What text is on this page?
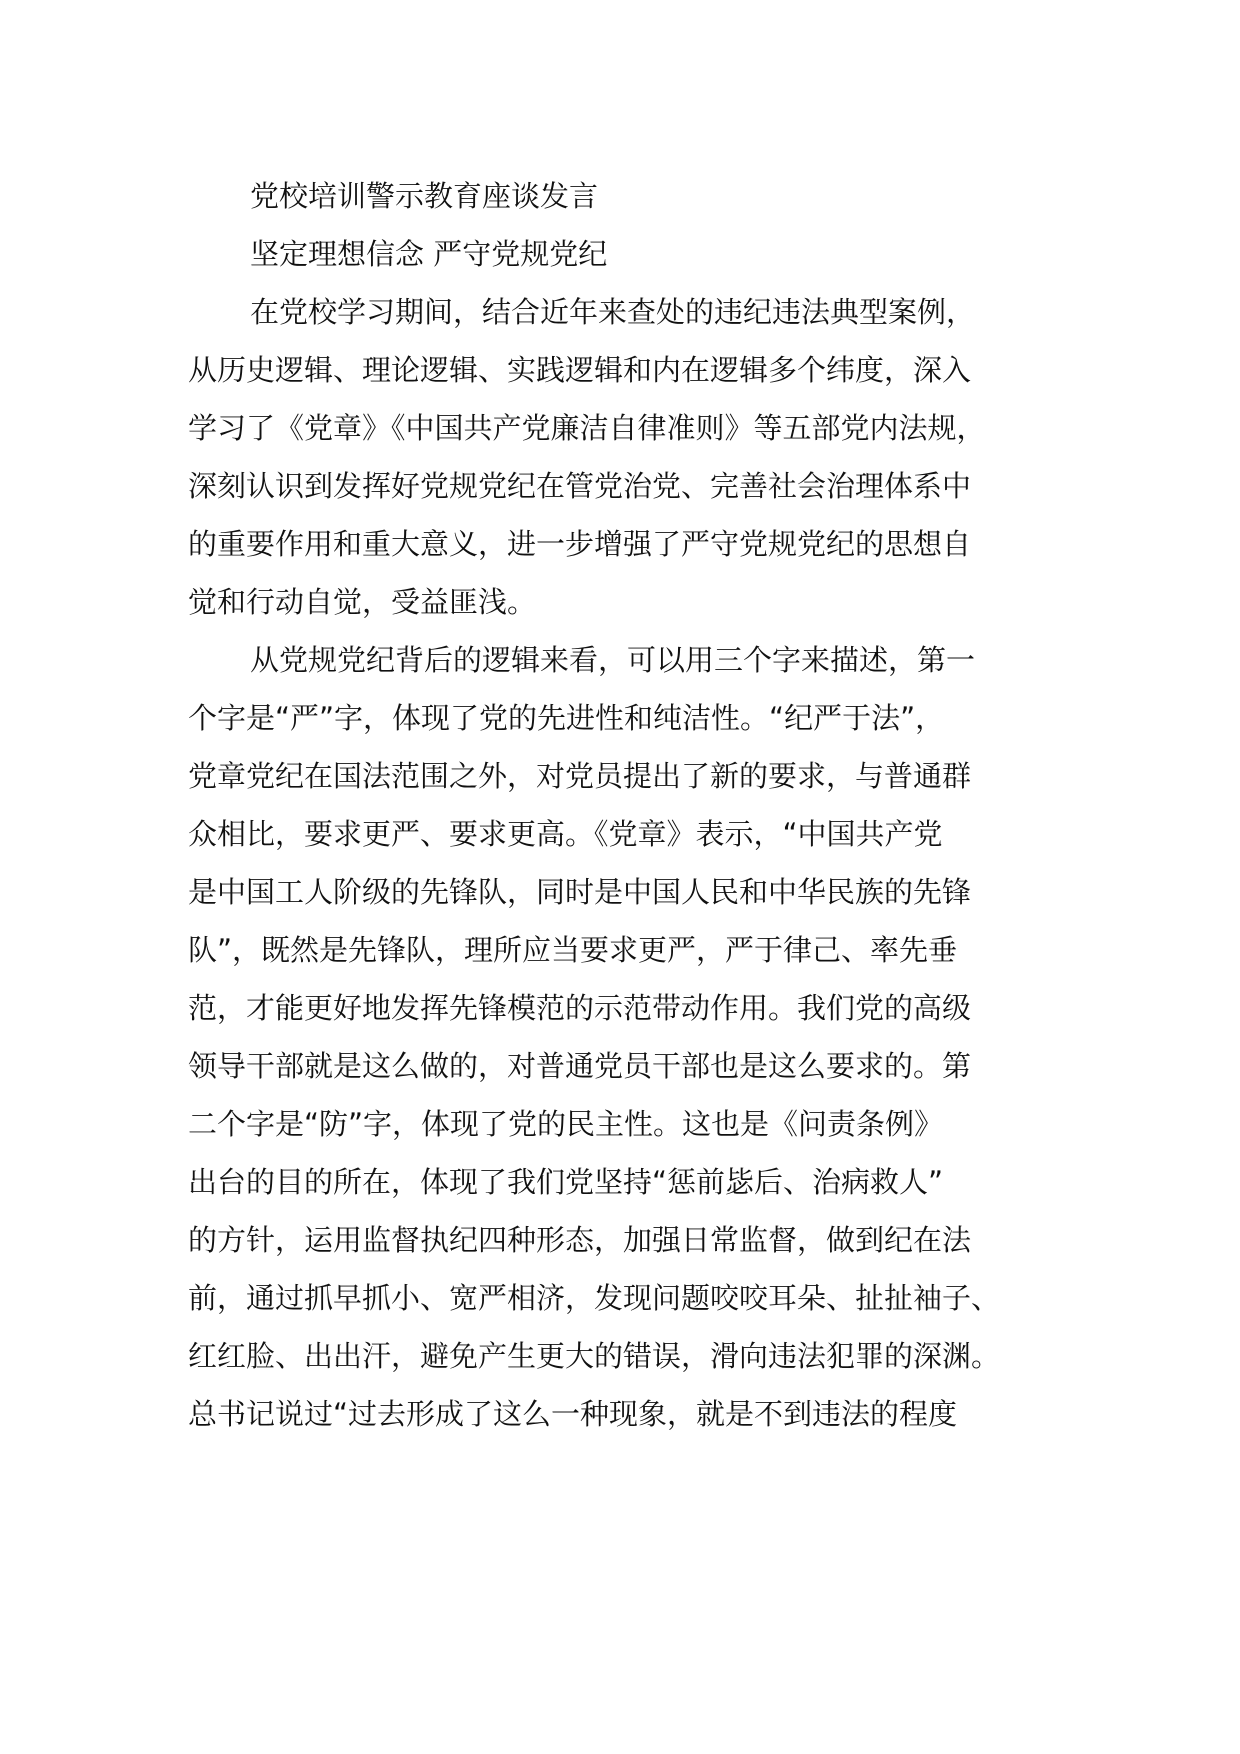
党校培训警示教育座谈发言
坚定理想信念 严守党规党纪
在党校学习期间，结合近年来查处的违纪违法典型案例，
从历史逻辑、理论逻辑、实践逻辑和内在逻辑多个纬度，深入
学习了《党章》《中国共产党廉洁自律准则》等五部党内法规，
深刻认识到发挥好党规党纪在管党治党、完善社会治理体系中
的重要作用和重大意义，进一步增强了严守党规党纪的思想自
觉和行动自觉，受益匪浅。
从党规党纪背后的逻辑来看，可以用三个字来描述，第一
个字是“严”字，体现了党的先进性和纯洁性。“纪严于法”，
党章党纪在国法范围之外，对党员提出了新的要求，与普通群
众相比，要求更严、要求更高。《党章》表示，“中国共产党
是中国工人阶级的先锋队，同时是中国人民和中华民族的先锋
队”，既然是先锋队，理所应当要求更严，严于律己、率先垂
范，才能更好地发挥先锋模范的示范带动作用。我们党的高级
领导干部就是这么做的，对普通党员干部也是这么要求的。第
二个字是“防”字，体现了党的民主性。这也是《问责条例》
出台的目的所在，体现了我们党坚持“惩前毖后、治病救人”
的方针，运用监督执纪四种形态，加强日常监督，做到纪在法
前，通过抓早抓小、宽严相济，发现问题咬咬耳朵、扯扯袖子、
红红脸、出出汗，避免产生更大的错误，滑向违法犯罪的深渊。
总书记说过“过去形成了这么一种现象，就是不到违法的程度
